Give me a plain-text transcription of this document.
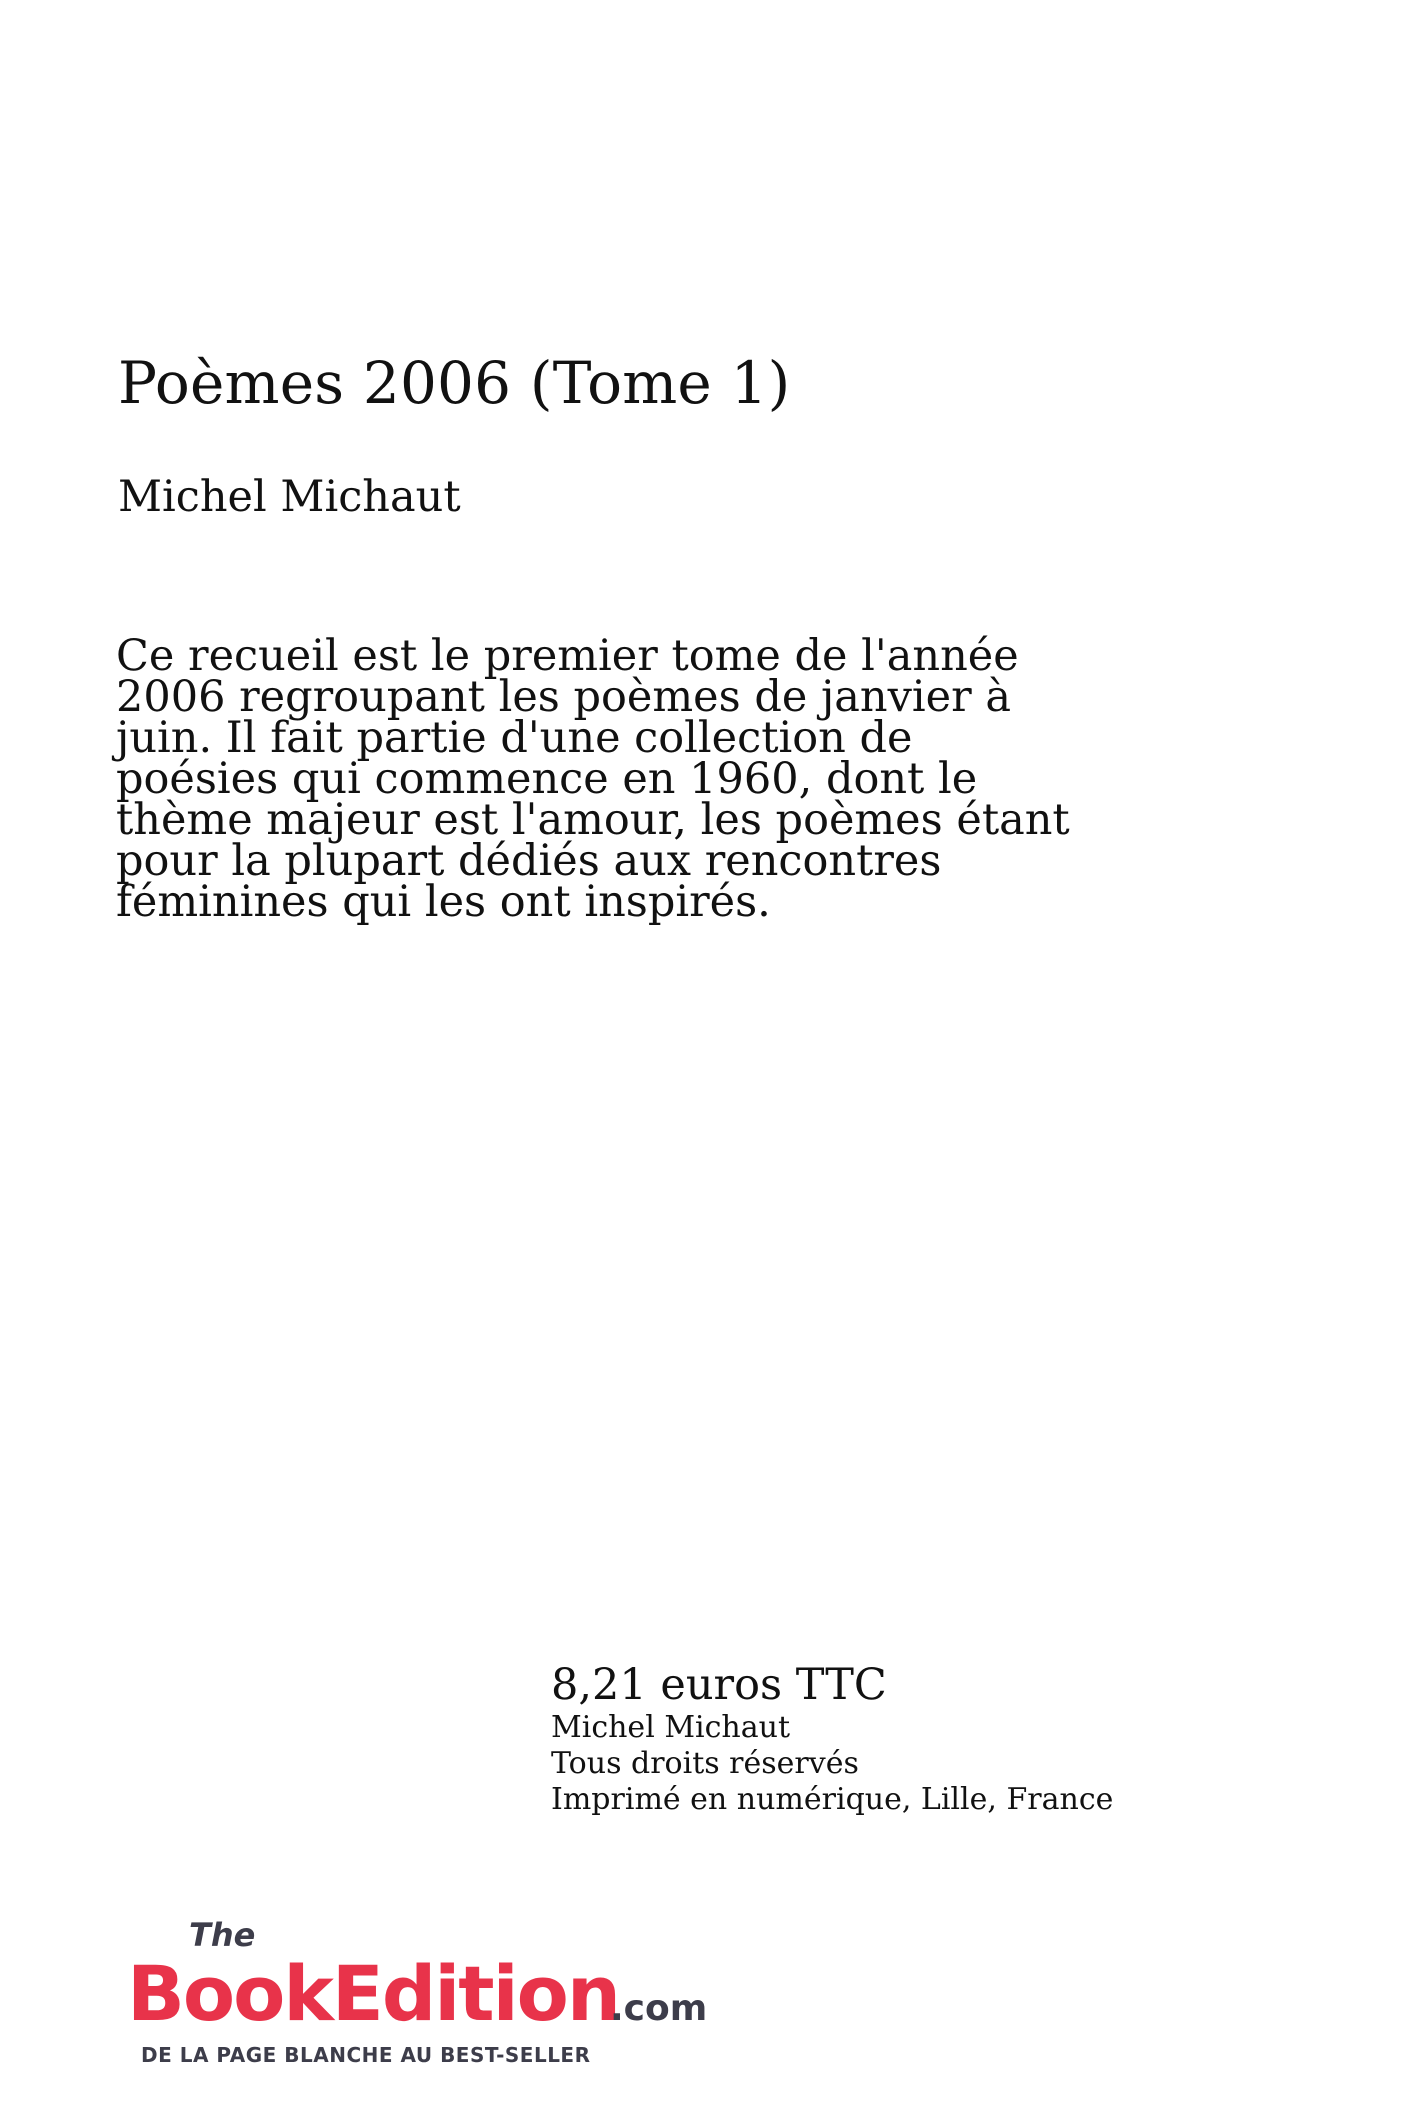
Poèmes 2006 (Tome 1)
Michel Michaut

Ce recueil est le premier tome de l'année
2006 regroupant les poèmes de janvier à
juin. Il fait partie d'une collection de
poésies qui commence en 1960, dont le
thème majeur est l'amour, les poèmes étant
pour la plupart dédiés aux rencontres
féminines qui les ont inspirés.

8,21 euros TTC
Michel Michaut
Tous droits réservés
Imprimé en numérique, Lille, France
The
BookEdition
.com
DE LA PAGE BLANCHE AU BEST-SELLER
